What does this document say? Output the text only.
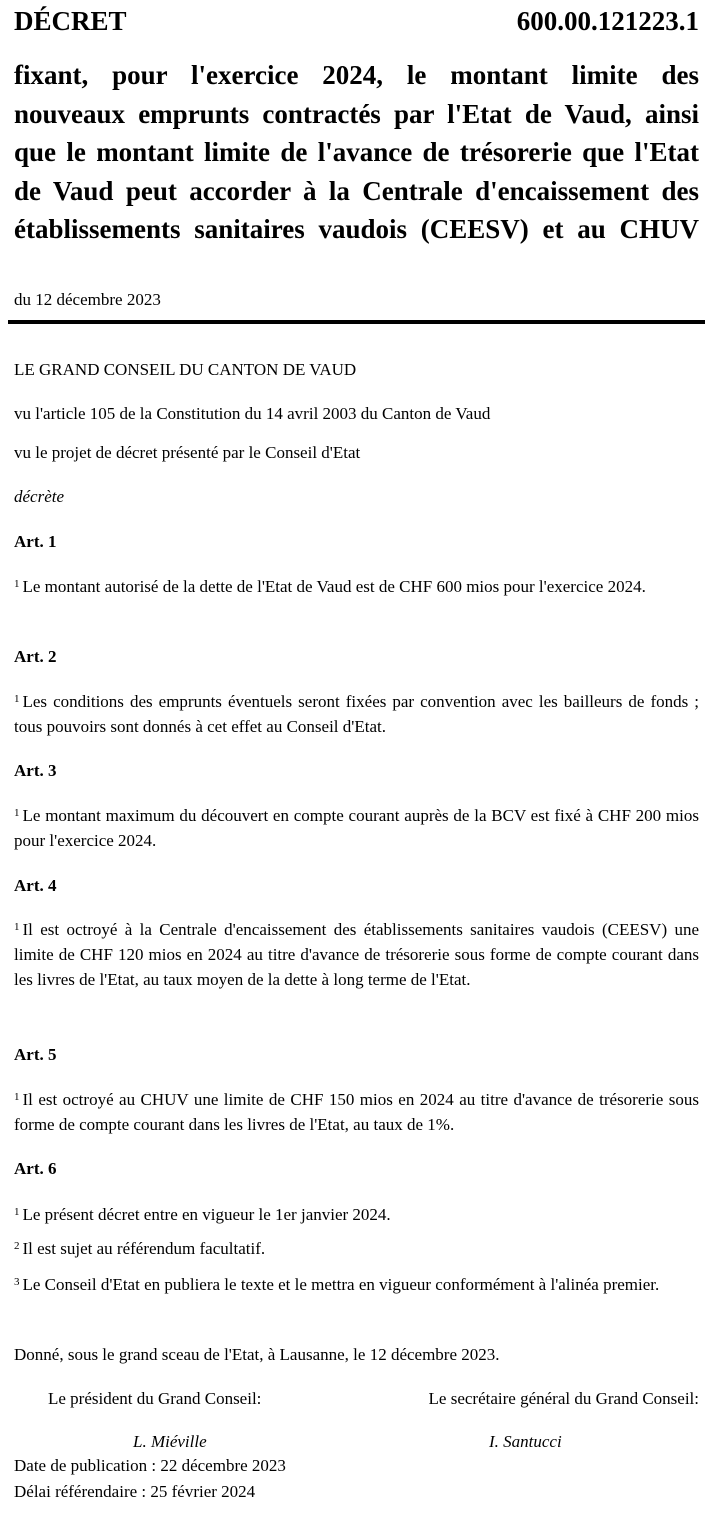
DÉCRET	600.00.121223.1
fixant, pour l'exercice 2024, le montant limite des
nouveaux emprunts contractés par l'Etat de Vaud, ainsi
que le montant limite de l'avance de trésorerie que l'Etat
de Vaud peut accorder à la Centrale d'encaissement des
établissements sanitaires vaudois (CEESV) et au CHUV
du 12 décembre 2023
LE GRAND CONSEIL DU CANTON DE VAUD
vu l'article 105 de la Constitution du 14 avril 2003 du Canton de Vaud
vu le projet de décret présenté par le Conseil d'Etat
décrète
Art. 1
$^1$ Le montant autorisé de la dette de l'Etat de Vaud est de CHF 600 mios pour l'exercice 2024.
Art. 2
$^1$ Les conditions des emprunts éventuels seront fixées par convention avec les bailleurs de fonds ; tous pouvoirs sont donnés à cet effet au Conseil d'Etat.
Art. 3
$^1$ Le montant maximum du découvert en compte courant auprès de la BCV est fixé à CHF 200 mios pour l'exercice 2024.
Art. 4
$^1$ Il est octroyé à la Centrale d'encaissement des établissements sanitaires vaudois (CEESV) une limite de CHF 120 mios en 2024 au titre d'avance de trésorerie sous forme de compte courant dans les livres de l'Etat, au taux moyen de la dette à long terme de l'Etat.
Art. 5
$^1$ Il est octroyé au CHUV une limite de CHF 150 mios en 2024 au titre d'avance de trésorerie sous forme de compte courant dans les livres de l'Etat, au taux de 1%.
Art. 6
$^1$ Le présent décret entre en vigueur le 1er janvier 2024.
$^2$ Il est sujet au référendum facultatif.
$^3$ Le Conseil d'Etat en publiera le texte et le mettra en vigueur conformément à l'alinéa premier.
Donné, sous le grand sceau de l'Etat, à Lausanne, le 12 décembre 2023.
Date de publication : 22 décembre 2023
Délai référendaire : 25 février 2024
Le président du Grand Conseil:	Le secrétaire général du Grand Conseil:
L. Miéville	I. Santucci
